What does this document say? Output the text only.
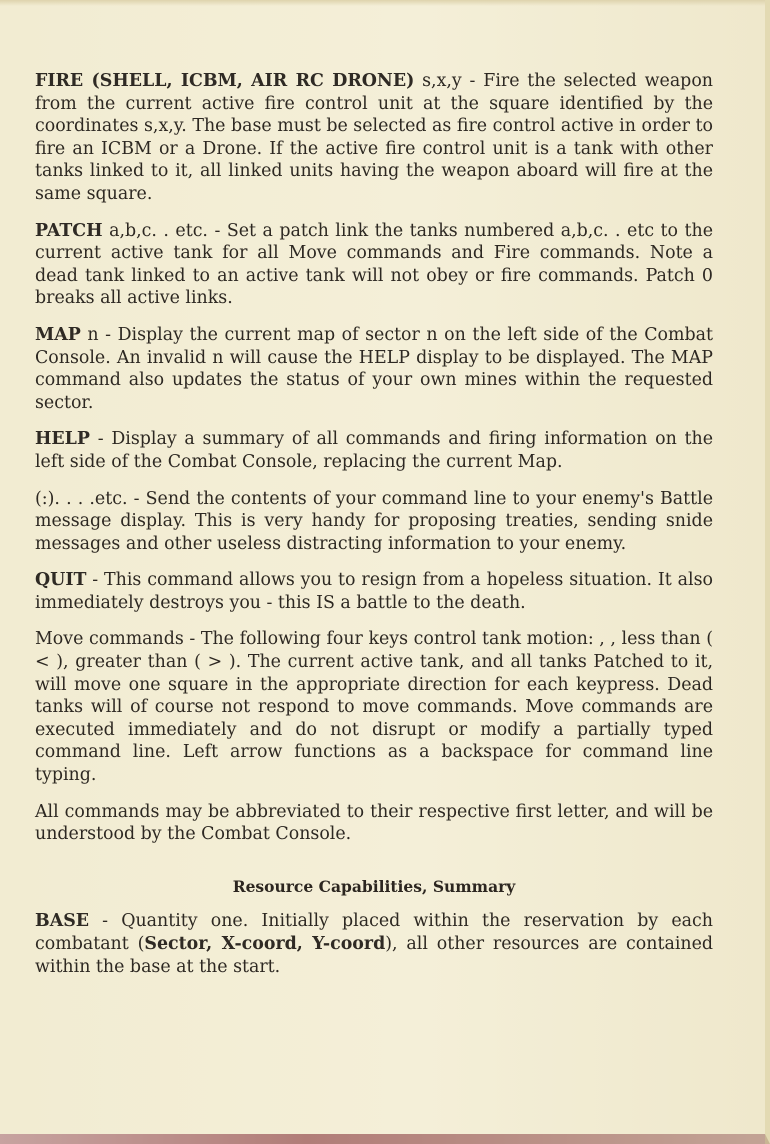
FIRE (SHELL, ICBM, AIR RC DRONE) s,x,y - Fire the selected weapon from the current active fire control unit at the square identified by the coordinates s,x,y. The base must be selected as fire control active in order to fire an ICBM or a Drone. If the active fire control unit is a tank with other tanks linked to it, all linked units having the weapon aboard will fire at the same square.

PATCH a,b,c. . etc. - Set a patch link the tanks numbered a,b,c. . etc to the current active tank for all Move commands and Fire commands. Note a dead tank linked to an active tank will not obey or fire commands. Patch 0 breaks all active links.

MAP n - Display the current map of sector n on the left side of the Combat Console. An invalid n will cause the HELP display to be displayed. The MAP command also updates the status of your own mines within the requested sector.

HELP - Display a summary of all commands and firing information on the left side of the Combat Console, replacing the current Map.

(:). . . .etc. - Send the contents of your command line to your enemy's Battle message display. This is very handy for proposing treaties, sending snide messages and other useless distracting information to your enemy.

QUIT - This command allows you to resign from a hopeless situation. It also immediately destroys you - this IS a battle to the death.

Move commands - The following four keys control tank motion: , , less than ( < ), greater than ( > ). The current active tank, and all tanks Patched to it, will move one square in the appropriate direction for each keypress. Dead tanks will of course not respond to move commands. Move commands are executed immediately and do not disrupt or modify a partially typed command line. Left arrow functions as a backspace for command line typing.

All commands may be abbreviated to their respective first letter, and will be understood by the Combat Console.

Resource Capabilities, Summary

BASE - Quantity one. Initially placed within the reservation by each combatant (Sector, X-coord, Y-coord), all other resources are contained within the base at the start.
